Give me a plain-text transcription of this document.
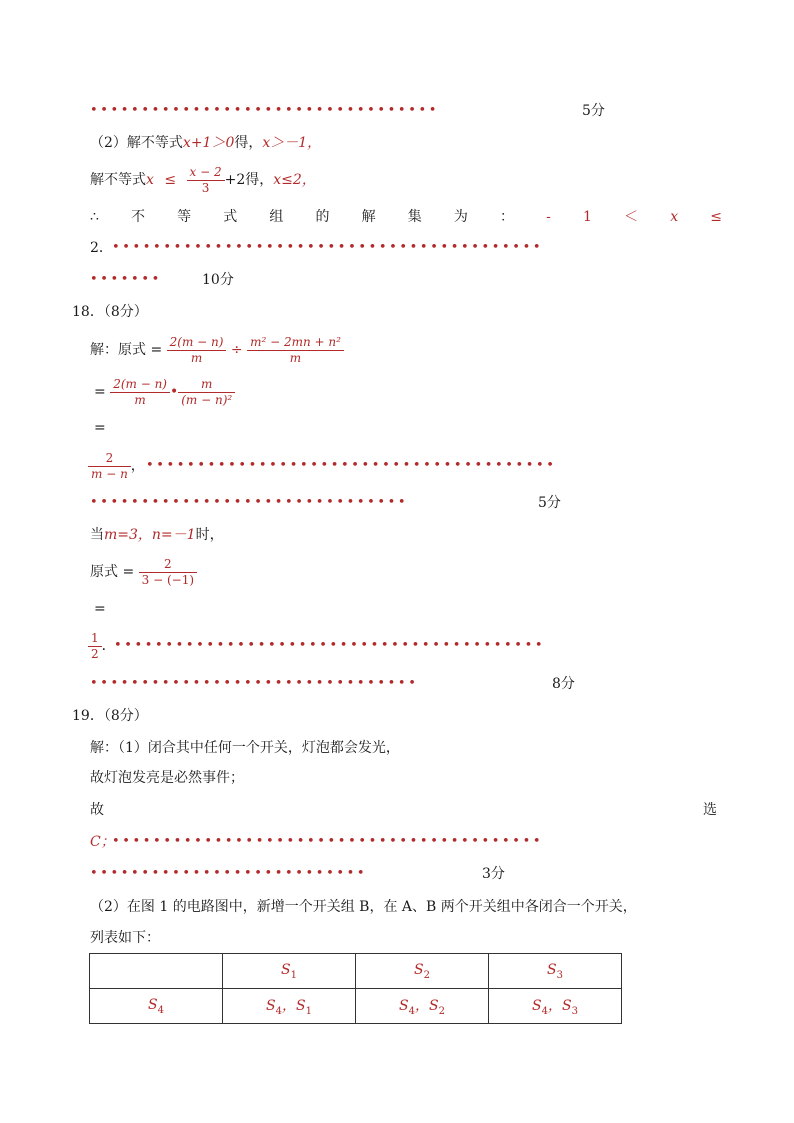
• • • • • • • • • • • • • • • • • • • • • • • • • • • • • • • • • •	5分
（2）解不等式x+1＞0得，x＞－1，
解不等式$x \le \frac{x - 2}{3} +2$得，x≤2，
∴ 不 等 式 组 的 解 集 为 ： - 1 ＜ x ≤
2． • • • • • • • • • • • • • • • • • • • • • • • • • • • • • • • • • • • • • • • • • •
• • • • • • •	10分
18．（8分）
解：原式 = $\frac{2(m - n)}{m} \div \frac{\text{m² − 2mn + n²}}{m}$
= $\frac{2(m - n)}{m}$ • $\frac{m}{\text{(m − n)²}}$
=
$\frac{2}{m - n}$ ， • • • • • • • • • • • • • • • • • • • • • • • • • • • • • • • • • • • • • • • •
• • • • • • • • • • • • • • • • • • • • • • • • • • • • • • •	5分
当m=3，n=－1时，
原式 = $\frac{2}{3 - (-1)}$
=
$\frac{1}{2}$ ．
• • • • • • • • • • • • • • • • • • • • • • • • • • • • • • • • • • • • • • • • • •
• • • • • • • • • • • • • • • • • • • • • • • • • • • • • • • •	8分
19．（8分）
解：（1）闭合其中任何一个开关，灯泡都会发光，
故灯泡发亮是必然事件；
故	选
C；
• • • • • • • • • • • • • • • • • • • • • • • • • • • • • • • • • • • • • • • • • •
• • • • • • • • • • • • • • • • • • • • • • • • • • •	3分
（2）在图 1 的电路图中，新增一个开关组 B，在 A、B 两个开关组中各闭合一个开关，
列表如下：
	$S_1$	$S_2$	$S_3$
$S_4$	$S_4$，$S_1$	$S_4$，$S_2$	$S_4$，$S_3$
